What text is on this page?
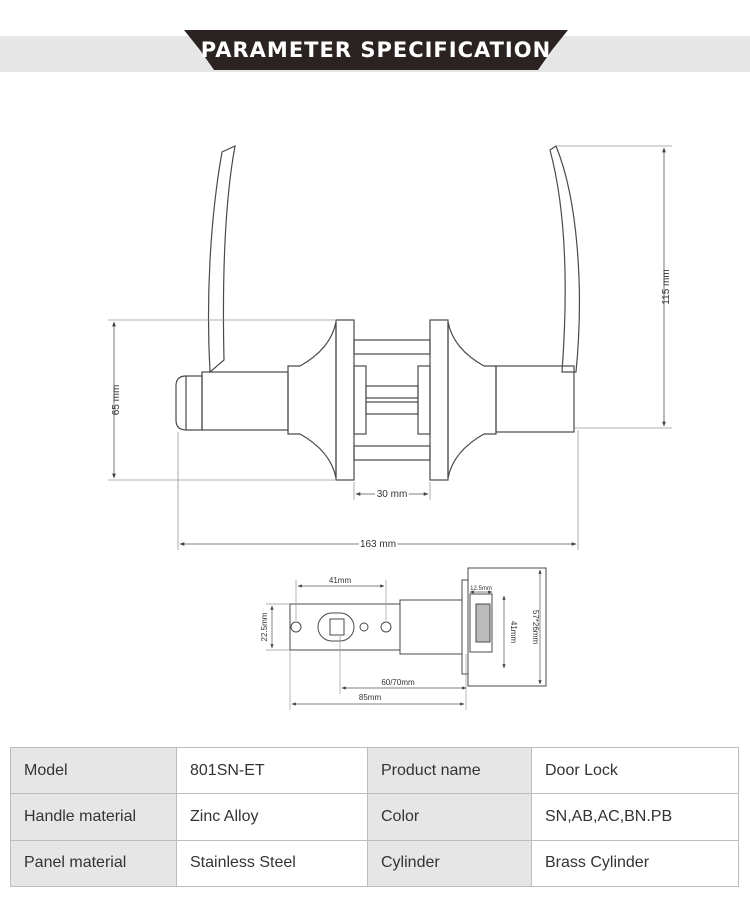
PARAMETER SPECIFICATION
115 mm
65 mm
30 mm
163 mm
41mm
22.5mm
12.5mm
41mm 57*26mm
60/70mm
85mm
Model	801SN-ET	Product name	Door Lock
Handle material	Zinc Alloy	Color	SN,AB,AC,BN.PB
Panel material	Stainless Steel	Cylinder	Brass Cylinder
